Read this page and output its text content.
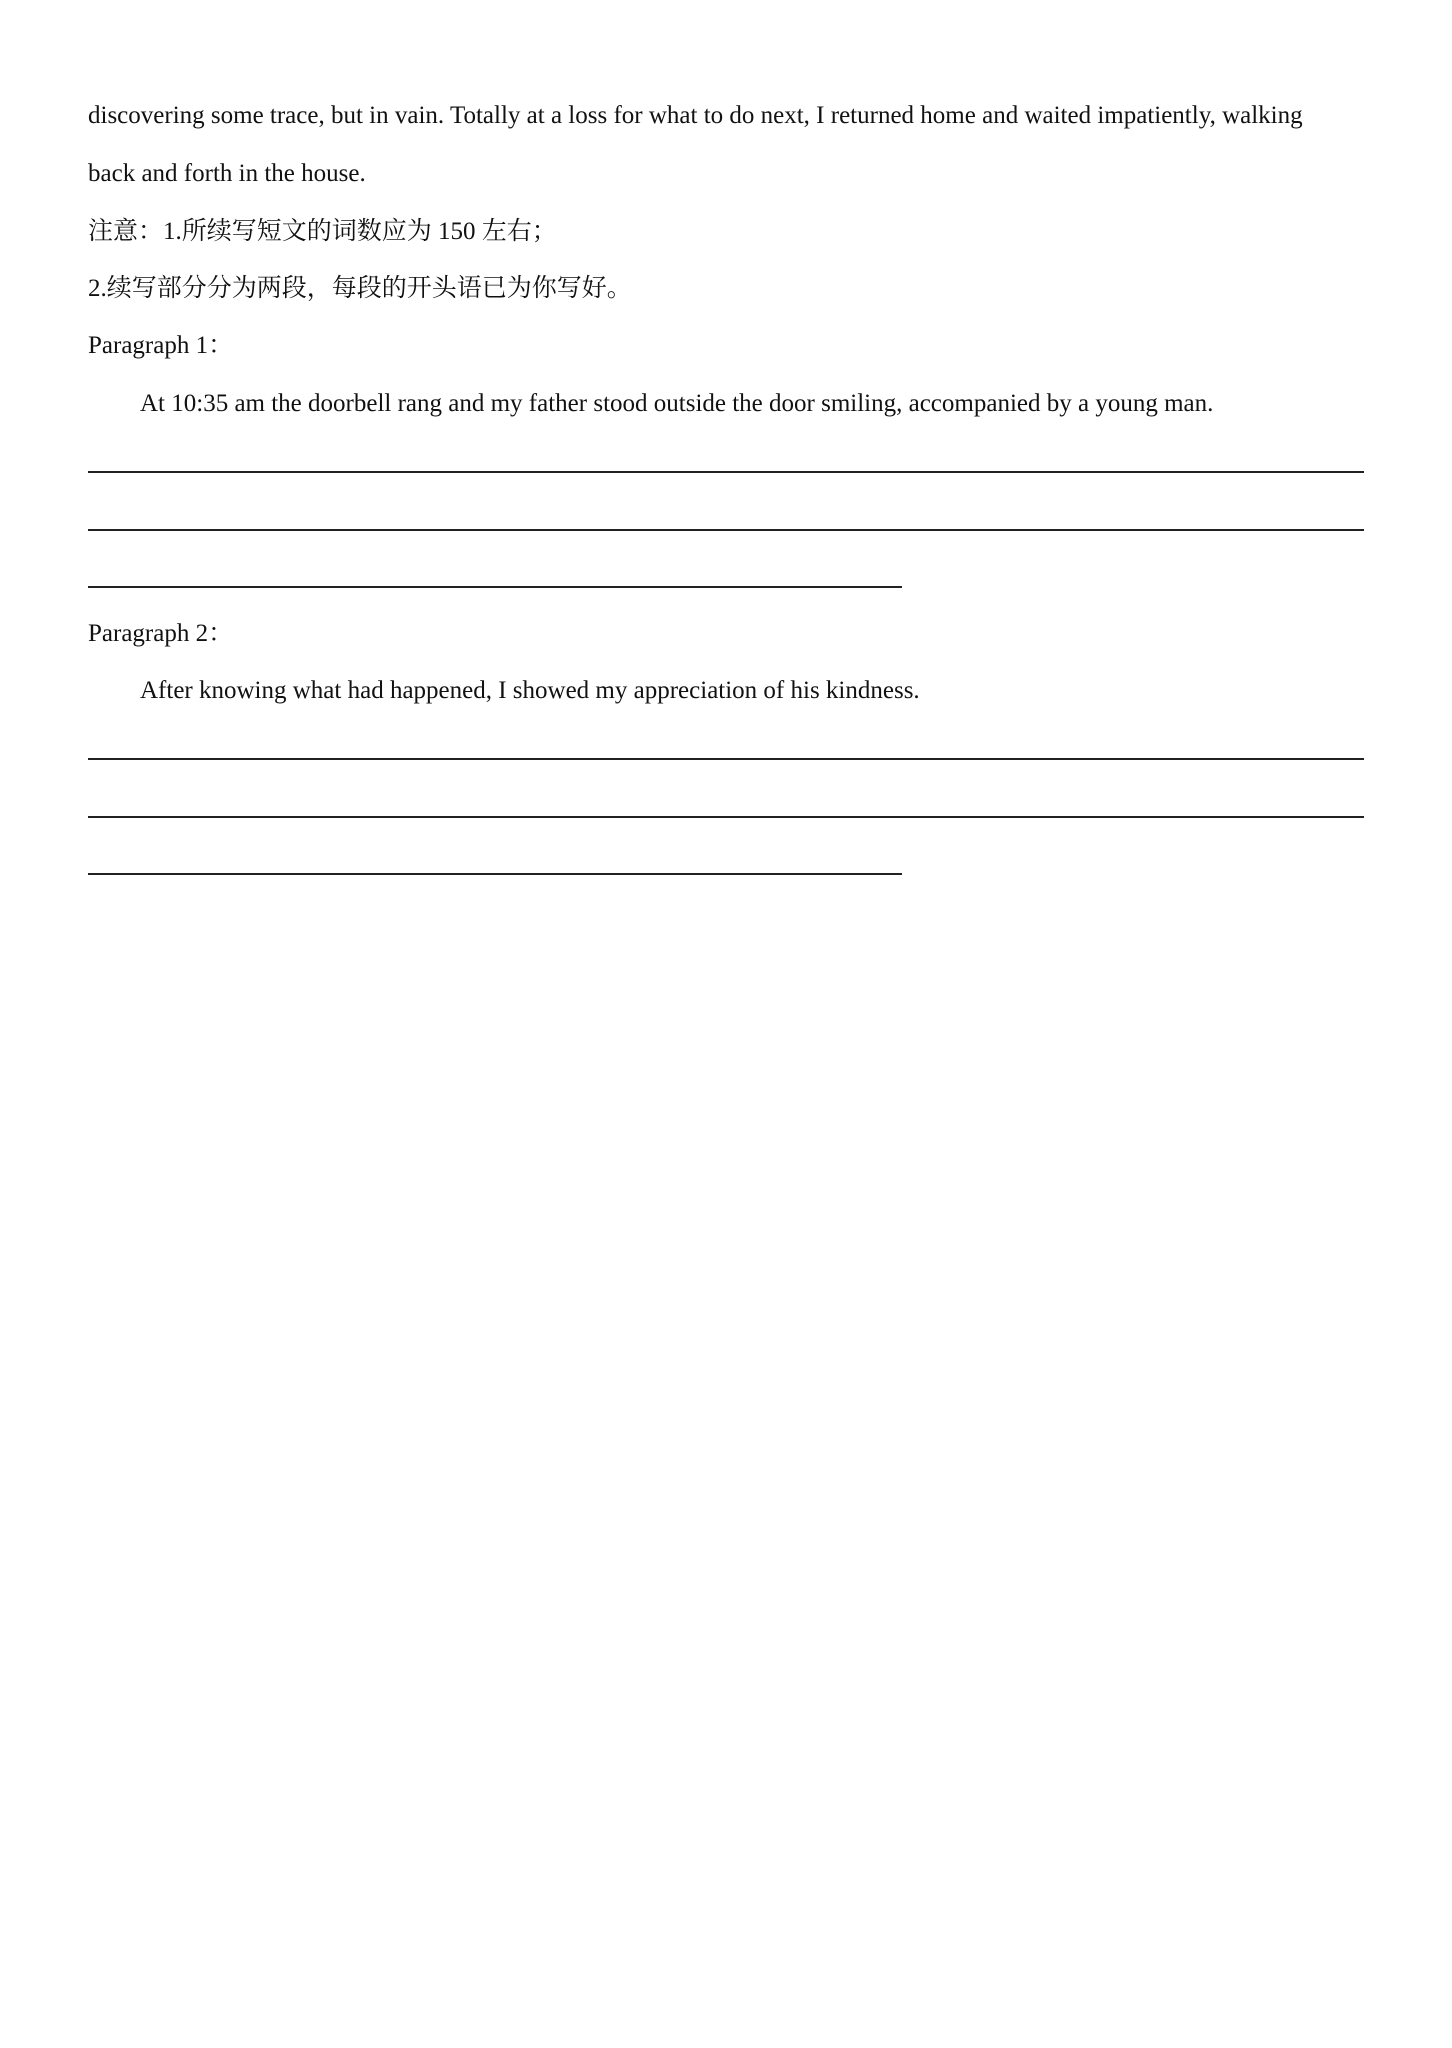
discovering some trace, but in vain. Totally at a loss for what to do next, I returned home and waited impatiently, walking
back and forth in the house.
注意：1.所续写短文的词数应为 150 左右；
2.续写部分分为两段，每段的开头语已为你写好。
Paragraph 1：
At 10:35 am the doorbell rang and my father stood outside the door smiling, accompanied by a young man.
Paragraph 2：
After knowing what had happened, I showed my appreciation of his kindness.
